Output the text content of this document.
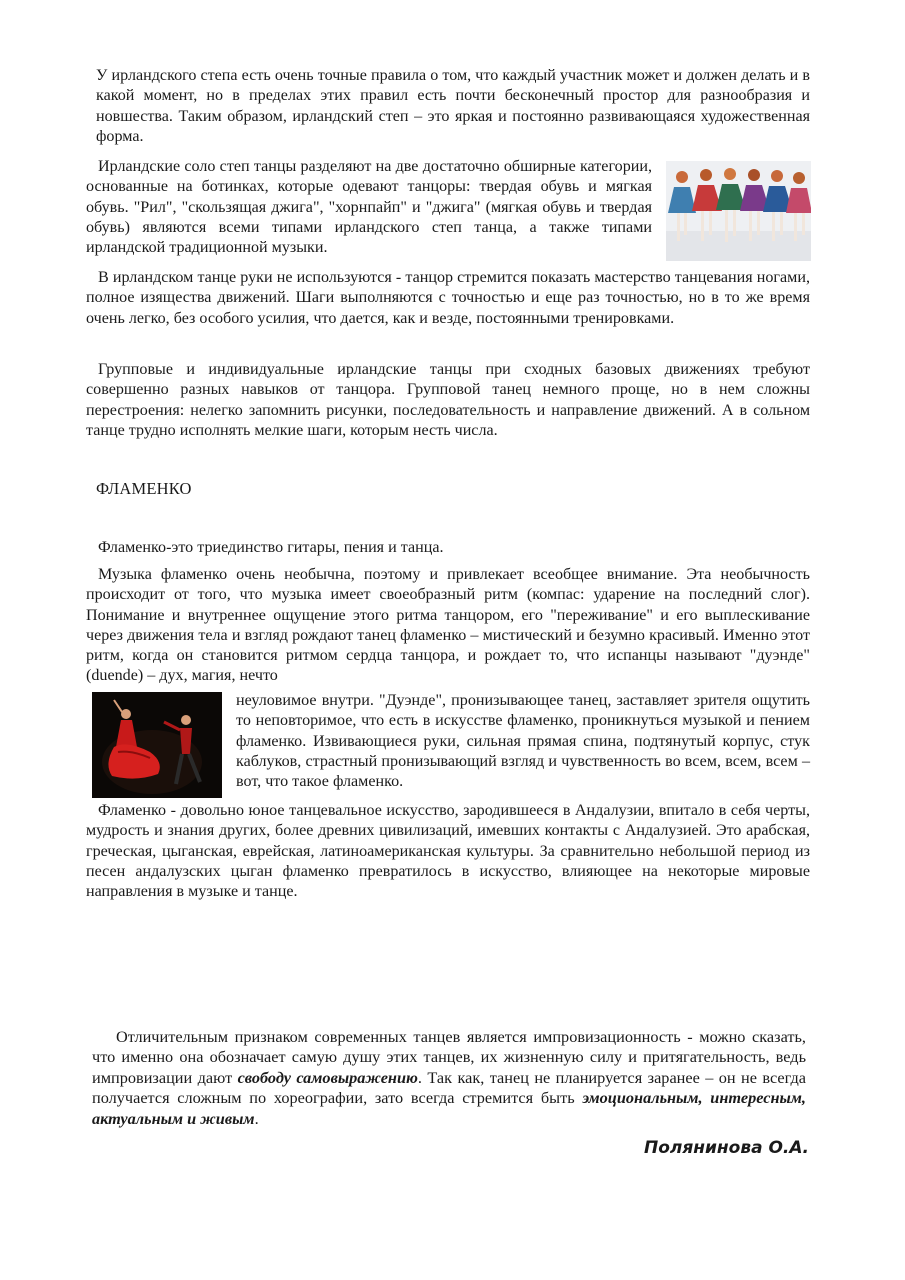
У ирландского степа есть очень точные правила о том, что каждый участник может и должен делать и в какой момент, но в пределах этих правил есть почти бесконечный простор для разнообразия и новшества. Таким образом, ирландский степ – это яркая и постоянно развивающаяся художественная форма.

Ирландские соло степ танцы разделяют на две достаточно обширные категории, основанные на ботинках, которые одевают танцоры: твердая обувь и мягкая обувь. "Рил", "скользящая джига", "хорнпайп" и "джига" (мягкая обувь и твердая обувь) являются всеми типами ирландского степ танца, а также типами ирландской традиционной музыки.

В ирландском танце руки не используются - танцор стремится показать мастерство танцевания ногами, полное изящества движений. Шаги выполняются с точностью и еще раз точностью, но в то же время очень легко, без особого усилия, что дается, как и везде, постоянными тренировками.

Групповые и индивидуальные ирландские танцы при сходных базовых движениях требуют совершенно разных навыков от танцора. Групповой танец немного проще, но в нем сложны перестроения: нелегко запомнить рисунки, последовательность и направление движений. А в сольном танце трудно исполнять мелкие шаги, которым несть числа.

ФЛАМЕНКО

Фламенко-это триединство гитары, пения и танца.

Музыка фламенко очень необычна, поэтому и привлекает всеобщее внимание. Эта необычность происходит от того, что музыка имеет своеобразный ритм (компас: ударение на последний слог). Понимание и внутреннее ощущение этого ритма танцором, его "переживание" и его выплескивание через движения тела и взгляд рождают танец фламенко – мистический и безумно красивый. Именно этот ритм, когда он становится ритмом сердца танцора, и рождает то, что испанцы называют "дуэнде" (duende) – дух, магия, нечто

неуловимое внутри. "Дуэнде", пронизывающее танец, заставляет зрителя ощутить то неповторимое, что есть в искусстве фламенко, проникнуться музыкой и пением фламенко. Извивающиеся руки, сильная прямая спина, подтянутый корпус, стук каблуков, страстный пронизывающий взгляд и чувственность во всем, всем, всем – вот, что такое фламенко.

Фламенко - довольно юное танцевальное искусство, зародившееся в Андалузии, впитало в себя черты, мудрость и знания других, более древних цивилизаций, имевших контакты с Андалузией. Это арабская, греческая, цыганская, еврейская, латиноамериканская культуры. За сравнительно небольшой период из песен андалузских цыган фламенко превратилось в искусство, влияющее на некоторые мировые направления в музыке и танце.

Отличительным признаком современных танцев является импровизационность - можно сказать, что именно она обозначает самую душу этих танцев, их жизненную силу и притягательность, ведь импровизации дают свободу самовыражению. Так как, танец не планируется заранее – он не всегда получается сложным по хореографии, зато всегда стремится быть эмоциональным, интересным, актуальным и живым.

Полянинова О.А.
